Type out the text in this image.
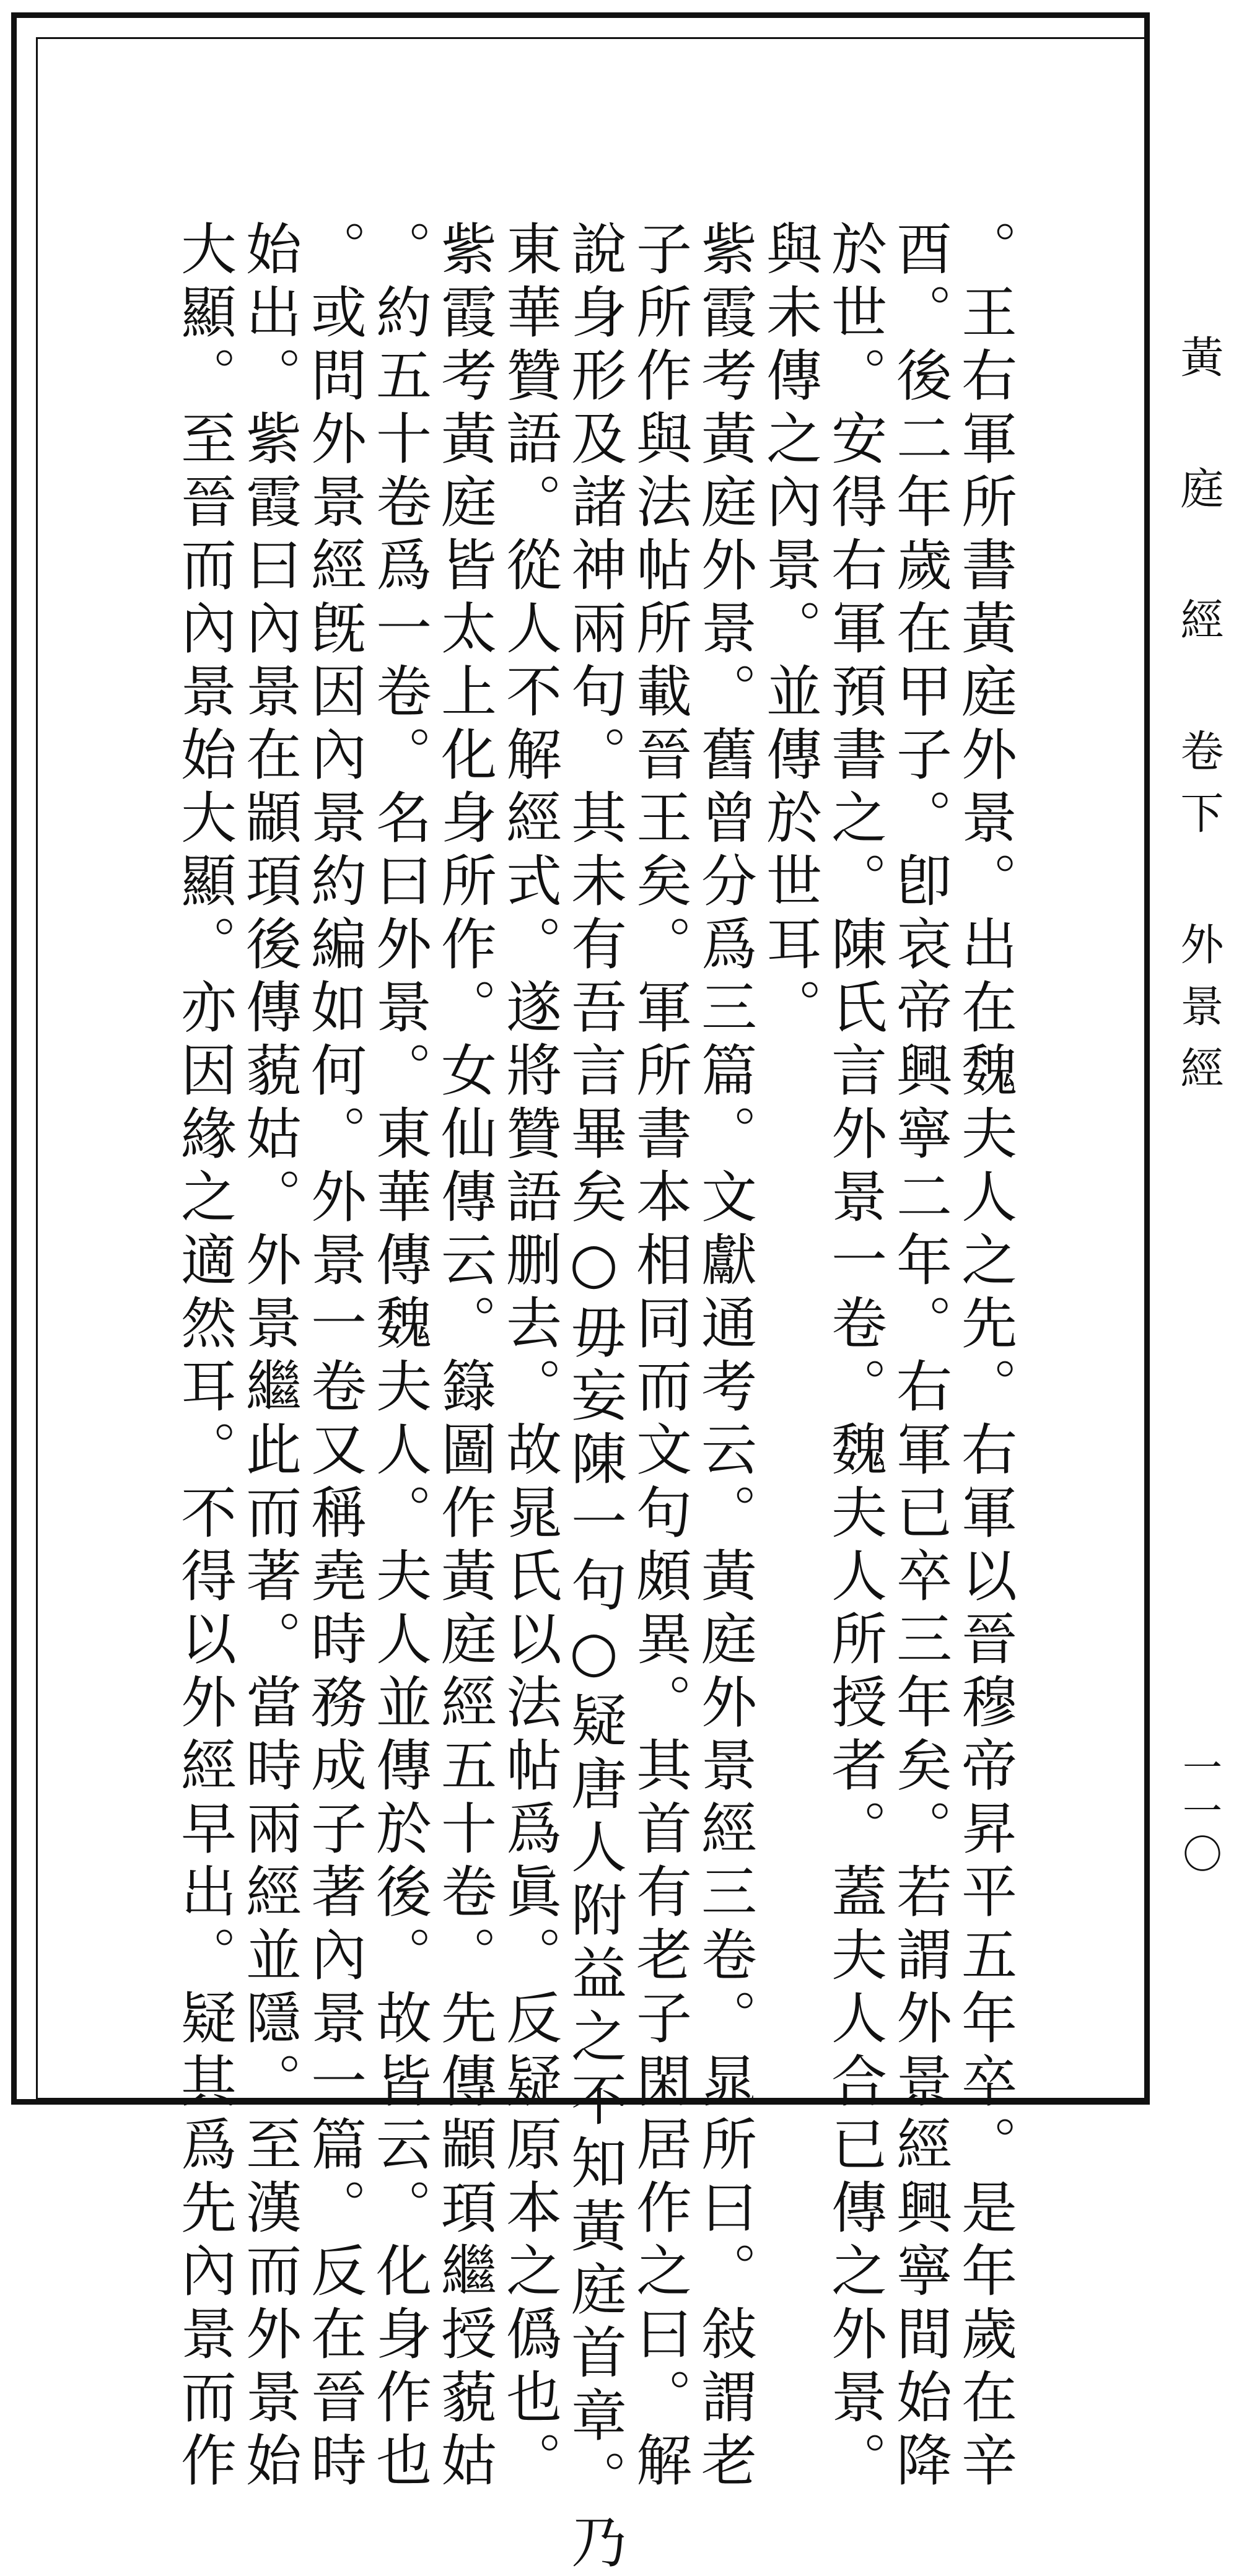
。王右軍所書黃庭外景。出在魏夫人之先。右軍以晉穆帝昇平五年卒。是年歲在辛
酉。後二年歲在甲子。卽哀帝興寧二年。右軍已卒三年矣。若謂外景經興寧間始降
於世。安得右軍預書之。陳氏言外景一卷。魏夫人所授者。蓋夫人合已傳之外景。
與未傳之內景。並傳於世耳。
紫霞考黃庭外景。舊曾分爲三篇。文獻通考云。黃庭外景經三卷。晁所曰。敍謂老
子所作與法帖所載晉王矣。軍所書本相同而文句頗異。其首有老子閑居作之曰。解
說身形及諸神兩句。其未有吾言畢矣○毋妄陳一句○疑唐人附益之不知黃庭首章。乃
東華贊語。從人不解經式。遂將贊語删去。故晁氏以法帖爲眞。反疑原本之僞也。
紫霞考黃庭皆太上化身所作。女仙傳云。籙圖作黃庭經五十卷。先傳顓頊繼授藐姑
。約五十卷爲一卷。名曰外景。東華傳魏夫人。夫人並傳於後。故皆云。化身作也
。或問外景經旣因內景約編如何。外景一卷又稱堯時務成子著內景一篇。反在晉時
始出。紫霞曰內景在顓頊後傳藐姑。外景繼此而著。當時兩經並隱。至漢而外景始
大顯。至晉而內景始大顯。亦因緣之適然耳。不得以外經早出。疑其爲先內景而作	黃 庭 經 卷下 外景經
一一〇
